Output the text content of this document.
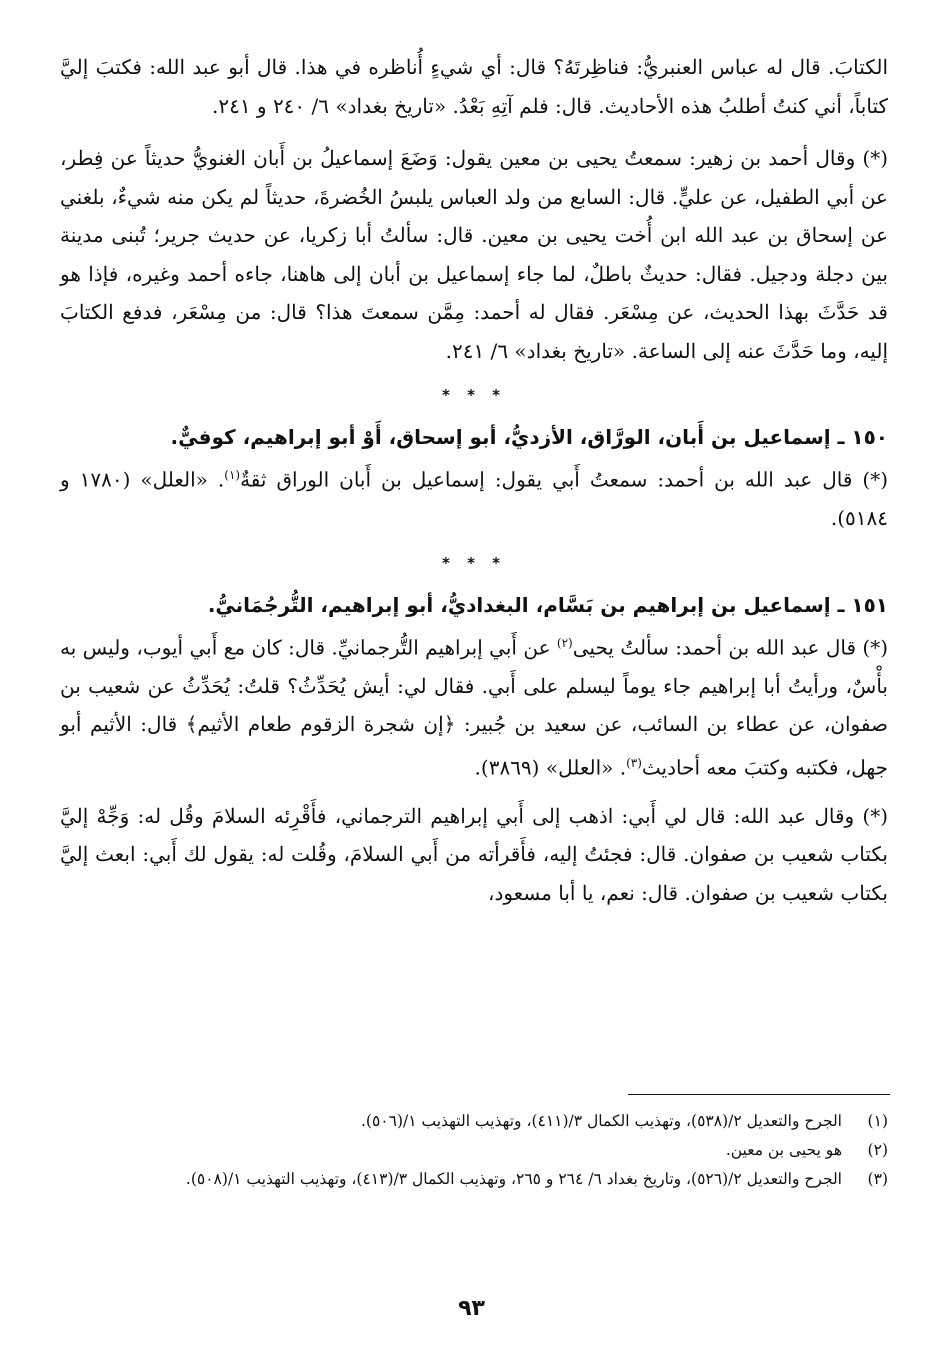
الكتابَ. قال له عباس العنبريُّ: فناظِرتَهُ؟ قال: أي شيءٍ أُناظره في هذا. قال أبو عبد الله: فكتبَ إليَّ كتاباً، أني كنتُ أطلبُ هذه الأحاديث. قال: فلم آتِهِ بَعْدُ. «تاريخ بغداد» ٦/ ٢٤٠ و ٢٤١.

(*) وقال أحمد بن زهير: سمعتُ يحيى بن معين يقول: وَضَعَ إسماعيلُ بن أَبان الغنويُّ حديثاً عن فِطر، عن أبي الطفيل، عن عليٍّ. قال: السابع من ولد العباس يلبسُ الخُضرةَ، حديثاً لم يكن منه شيءٌ، بلغني عن إسحاق بن عبد الله ابن أُخت يحيى بن معين. قال: سألتُ أبا زكريا، عن حديث جرير؛ تُبنى مدينة بين دجلة ودجيل. فقال: حديثٌ باطلٌ، لما جاء إسماعيل بن أبان إلى هاهنا، جاءه أحمد وغيره، فإذا هو قد حَدَّثَ بهذا الحديث، عن مِسْعَر. فقال له أحمد: مِمَّن سمعتَ هذا؟ قال: من مِسْعَر، فدفع الكتابَ إليه، وما حَدَّثَ عنه إلى الساعة. «تاريخ بغداد» ٦/ ٢٤١.

* * *

١٥٠ ـ إسماعيل بن أَبان، الورَّاق، الأزديُّ، أبو إسحاق، أَوْ أبو إبراهيم، كوفيٌّ.

(*) قال عبد الله بن أحمد: سمعتُ أَبي يقول: إسماعيل بن أَبان الوراق ثقةٌ$^{(١)}$. «العلل» (١٧٨٠ و ٥١٨٤).

* * *

١٥١ ـ إسماعيل بن إبراهيم بن بَسَّام، البغداديُّ، أبو إبراهيم، التُّرجُمَانيُّ.

(*) قال عبد الله بن أحمد: سألتُ يحيى$^{(٢)}$ عن أَبي إبراهيم التُّرجمانيِّ. قال: كان مع أَبي أيوب، وليس به بأْسٌ، ورأيتُ أبا إبراهيم جاء يوماً ليسلم على أَبي. فقال لي: أيش يُحَدِّثُ؟ قلتُ: يُحَدِّثُ عن شعيب بن صفوان، عن عطاء بن السائب، عن سعيد بن جُبير: ﴿إن شجرة الزقوم طعام الأثيم﴾ قال: الأثيم أبو جهل، فكتبه وكتبَ معه أحاديث$^{(٣)}$. «العلل» (٣٨٦٩).

(*) وقال عبد الله: قال لي أَبي: اذهب إلى أَبي إبراهيم الترجماني، فأَقْرِئه السلامَ وقُل له: وَجِّهْ إليَّ بكتاب شعيب بن صفوان. قال: فجئتُ إليه، فأَقرأته من أَبي السلامَ، وقُلت له: يقول لك أَبي: ابعث إليَّ بكتاب شعيب بن صفوان. قال: نعم، يا أبا مسعود،

(١)
الجرح والتعديل ٢/(٥٣٨)، وتهذيب الكمال ٣/(٤١١)، وتهذيب التهذيب ١/(٥٠٦).
(٢)
هو يحيى بن معين.
(٣)
الجرح والتعديل ٢/(٥٢٦)، وتاريخ بغداد ٦/ ٢٦٤ و ٢٦٥، وتهذيب الكمال ٣/(٤١٣)، وتهذيب التهذيب ١/(٥٠٨).
٩٣
